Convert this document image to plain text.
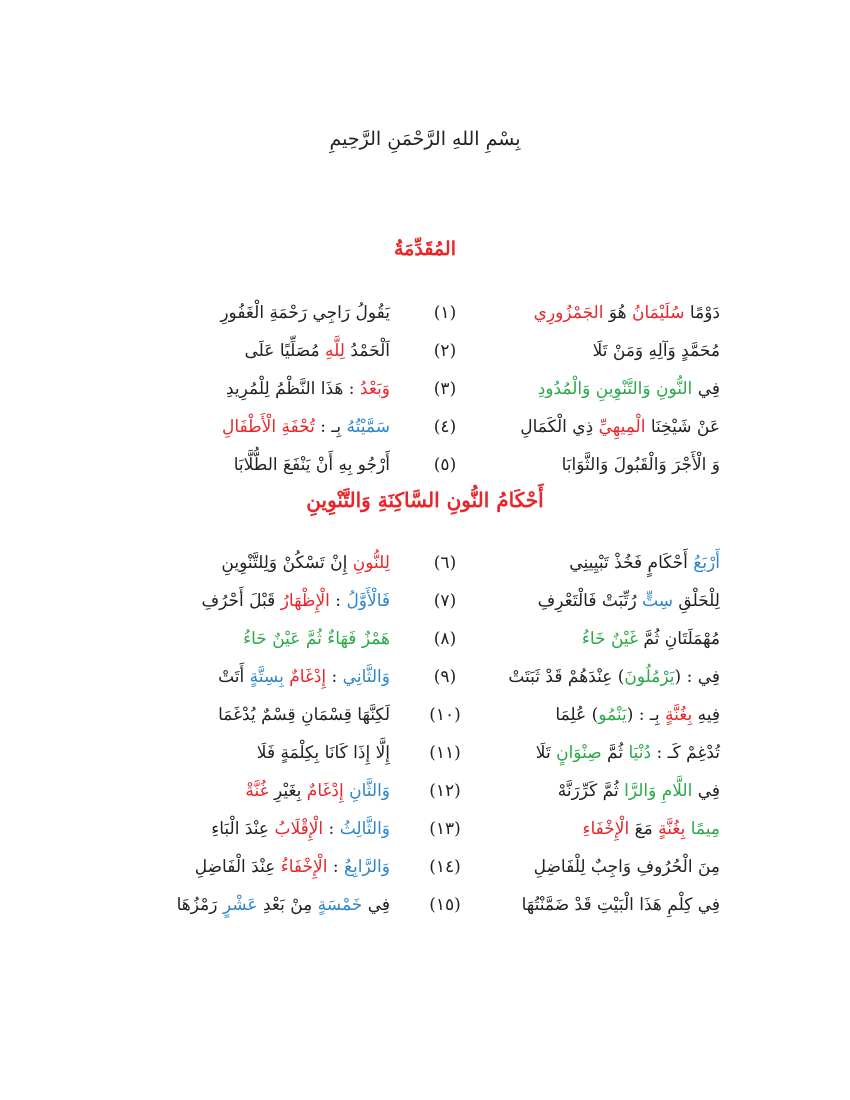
بِسْمِ اللهِ الرَّحْمَنِ الرَّحِيمِ
المُقَدِّمَةُ
يَقُولُ رَاجِي رَحْمَةِ الْغَفُورِ	(١)	دَوْمًا سُلَيْمَانُ هُوَ الجَمْزُورِي
اَلْحَمْدُ لِلَّهِ مُصَلِّيًا عَلَى	(٢)	مُحَمَّدٍ وَآلِهِ وَمَنْ تَلَا
وَبَعْدُ : هَذَا النَّظْمُ لِلْمُرِيدِ	(٣)	فِي النُّونِ وَالتَّنْوِينِ وَالْمُدُودِ
سَمَّيْتُهُ بِـ : تُحْفَةِ الْأَطْفَالِ	(٤)	عَنْ شَيْخِنَا الْمِيهِيِّ ذِي الْكَمَالِ
أَرْجُو بِهِ أَنْ يَنْفَعَ الطُّلَّابَا	(٥)	وَ الْأَجْرَ وَالْقَبُولَ وَالثَّوَابَا
أَحْكَامُ النُّونِ السَّاكِنَةِ وَالتَّنْوِينِ
لِلنُّونِ إِنْ تَسْكُنْ وَلِلتَّنْوِينِ	(٦)	أَرْبَعُ أَحْكَامٍ فَخُذْ تَبْيِينِي
فَالْأَوَّلُ : الْإِظْهَارُ قَبْلَ أَحْرُفِ	(٧)	لِلْحَلْقِ سِتٍّ رُتِّبَتْ فَالْتَعْرِفِ
هَمْزٌ فَهَاءٌ ثُمَّ عَيْنٌ حَاءُ	(٨)	مُهْمَلَتَانِ ثُمَّ غَيْنٌ خَاءُ
وَالثَّانِي : إِدْغَامٌ بِسِتَّةٍ أَتَتْ	(٩)	فِي : (يَرْمُلُونَ) عِنْدَهُمْ قَدْ ثَبَتَتْ
لَكِنَّهَا قِسْمَانِ قِسْمٌ يُدْغَمَا	(١٠)	فِيهِ بِغُنَّةٍ بِـ : (يَنْمُو) عُلِمَا
إِلَّا إِذَا كَانَا بِكِلْمَةٍ فَلَا	(١١)	تُدْغِمْ كَـ : دُنْيَا ثُمَّ صِنْوَانٍ تَلَا
وَالثَّانِ إِدْغَامٌ بِغَيْرِ غُنَّةْ	(١٢)	فِي اللَّامِ وَالرَّا ثُمَّ كَرِّرَنَّهْ
وَالثَّالِثُ : الْإِقْلَابُ عِنْدَ الْبَاءِ	(١٣)	مِيمًا بِغُنَّةٍ مَعَ الْإِخْفَاءِ
وَالرَّابِعُ : الْإِخْفَاءُ عِنْدَ الْفَاضِلِ	(١٤)	مِنَ الْحُرُوفِ وَاجِبٌ لِلْفَاضِلِ
فِي خَمْسَةٍ مِنْ بَعْدِ عَشْرٍ رَمْزُهَا	(١٥)	فِي كِلْمِ هَذَا الْبَيْتِ قَدْ ضَمَّنْتُهَا
